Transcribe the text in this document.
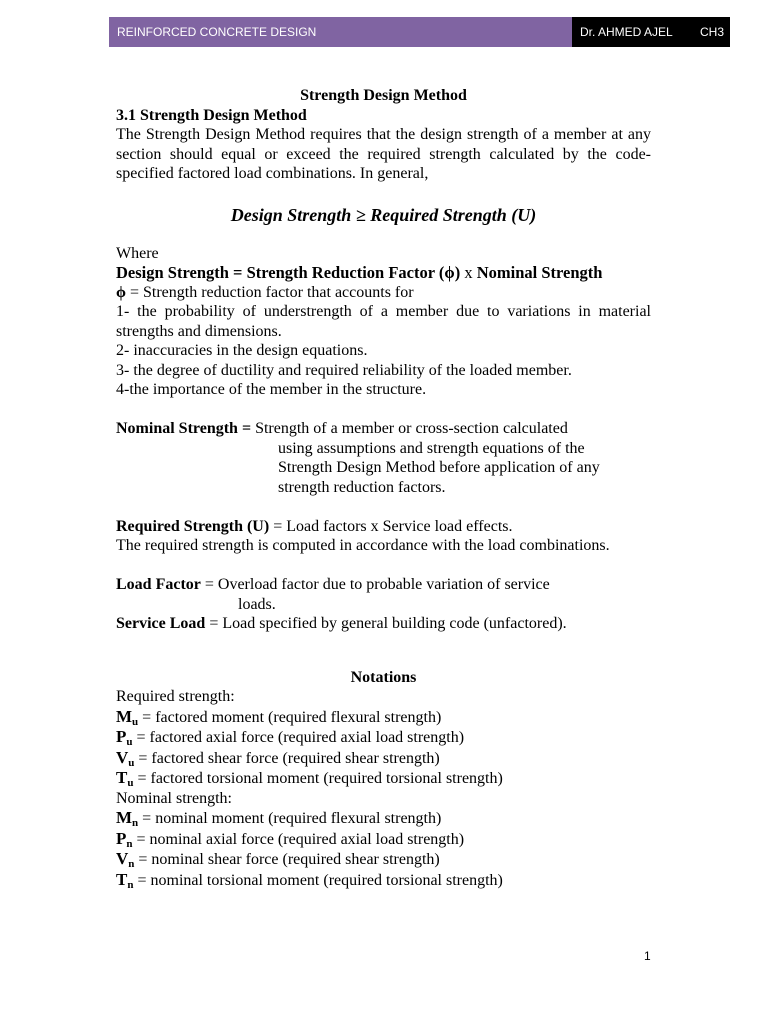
REINFORCED CONCRETE DESIGN	Dr. AHMED AJEL CH3

Strength Design Method

3.1 Strength Design Method

The Strength Design Method requires that the design strength of a member at any section should equal or exceed the required strength calculated by the code-specified factored load combinations. In general,

Design Strength ≥ Required Strength (U)

Where

Design Strength = Strength Reduction Factor (ϕ) x Nominal Strength

ϕ = Strength reduction factor that accounts for

1- the probability of understrength of a member due to variations in material strengths and dimensions.

2- inaccuracies in the design equations.

3- the degree of ductility and required reliability of the loaded member.

4-the importance of the member in the structure.

Nominal Strength = Strength of a member or cross-section calculated

using assumptions and strength equations of the

Strength Design Method before application of any

strength reduction factors.

Required Strength (U) = Load factors x Service load effects.

The required strength is computed in accordance with the load combinations.

Load Factor = Overload factor due to probable variation of service

loads.

Service Load = Load specified by general building code (unfactored).

Notations

Required strength:

$M_u$ = factored moment (required flexural strength)

$P_u$ = factored axial force (required axial load strength)

$V_u$ = factored shear force (required shear strength)

$T_u$ = factored torsional moment (required torsional strength)

Nominal strength:

$M_n$ = nominal moment (required flexural strength)

$P_n$ = nominal axial force (required axial load strength)

$V_n$ = nominal shear force (required shear strength)

$T_n$ = nominal torsional moment (required torsional strength)

1
